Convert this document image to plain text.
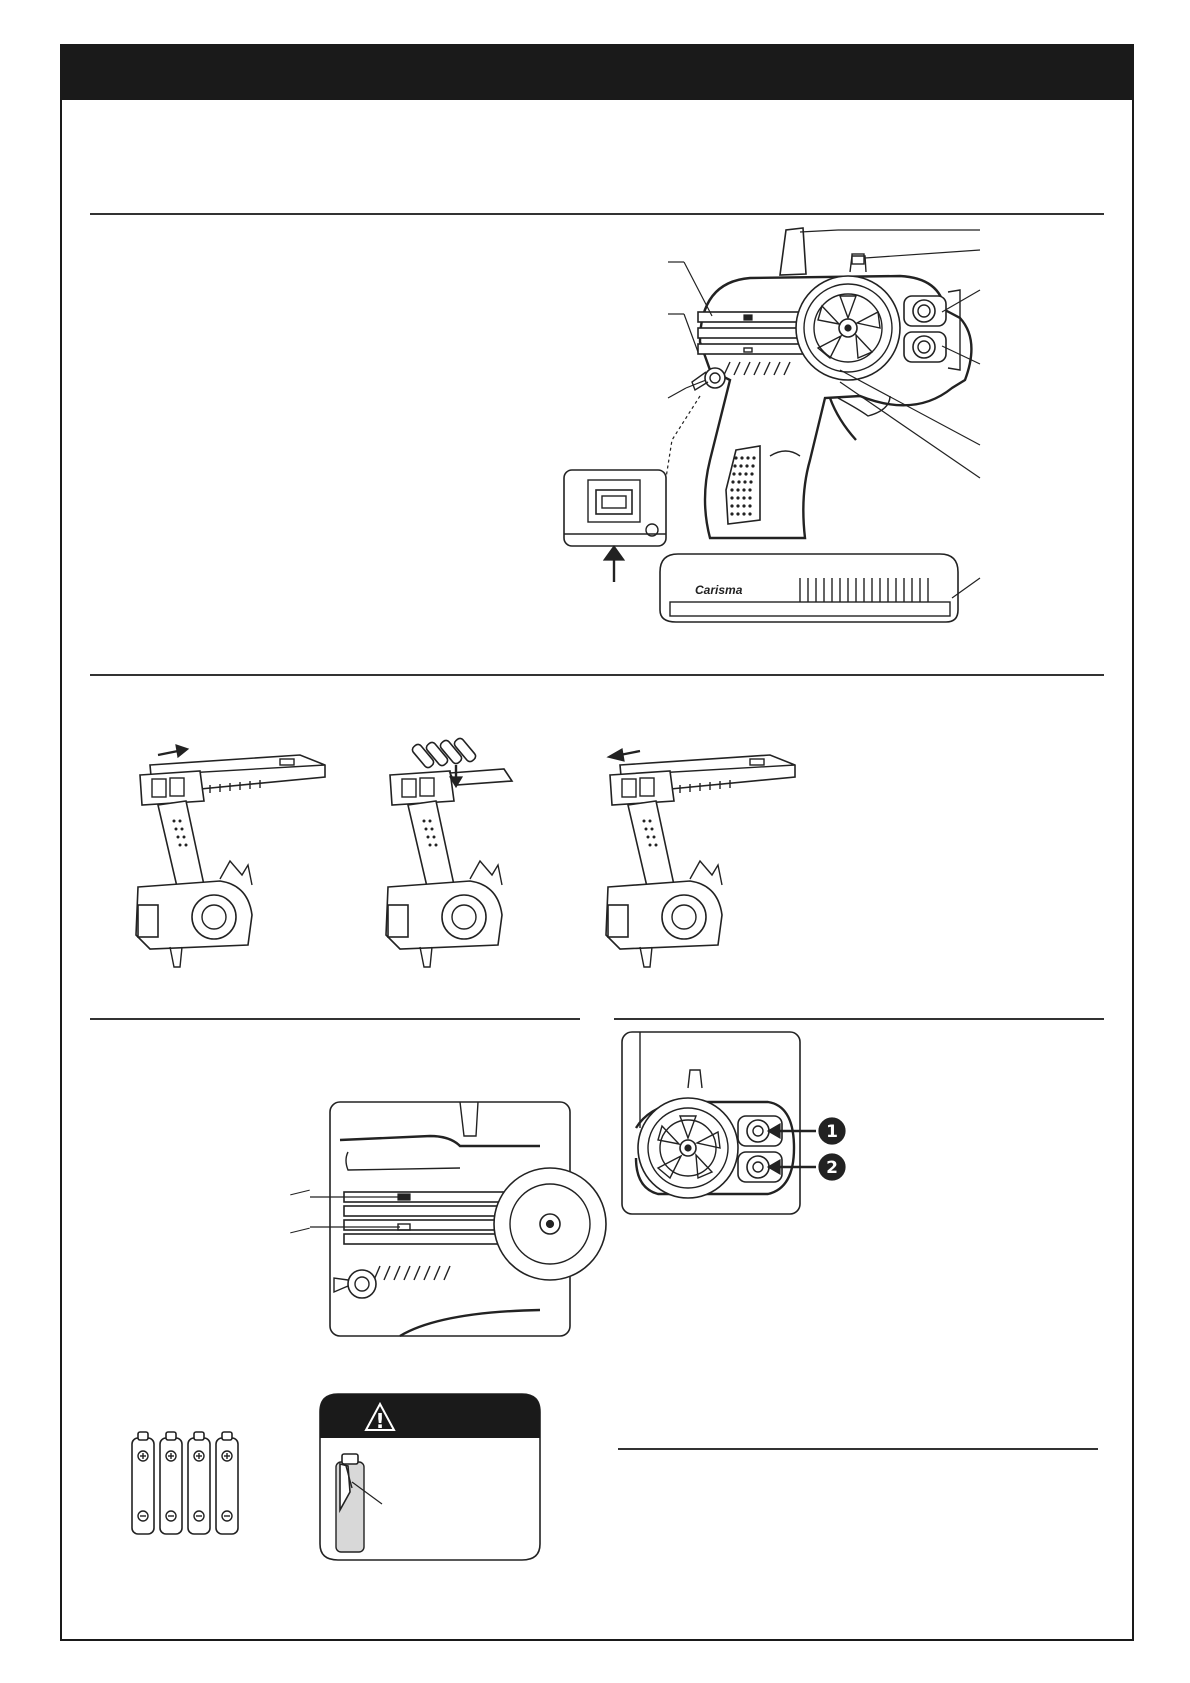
Carisma
1
2
!
